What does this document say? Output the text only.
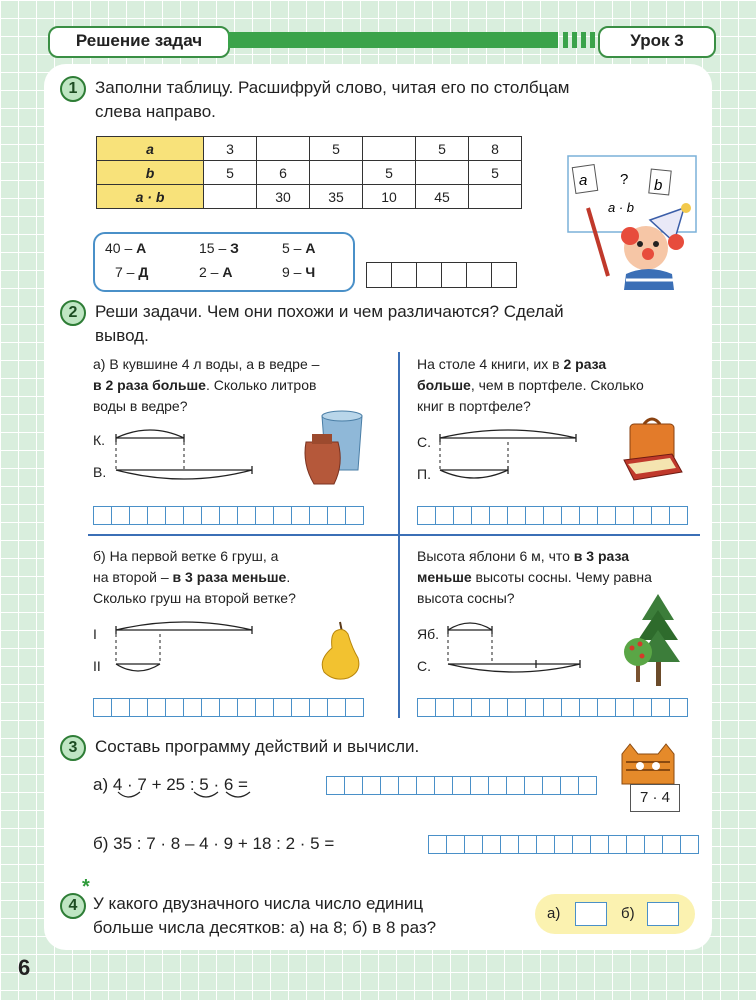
Решение задач	Урок 3
1	Заполни таблицу. Расшифруй слово, читая его по столбцам
слева направо.
a	3		5		5	8
b	5	6		5		5
a · b		30	35	10	45	
40 – А	15 – З	5 – А
7 – Д	2 – А	9 – Ч
a ? b
a · b
2	Реши задачи. Чем они похожи и чем различаются? Сделай
вывод.
а) В кувшине 4 л воды, а в ведре –
в 2 раза больше. Сколько литров
воды в ведре?
К.
В.
На столе 4 книги, их в 2 раза
больше, чем в портфеле. Сколько
книг в портфеле?
С.
П.
б) На первой ветке 6 груш, а
на второй – в 3 раза меньше.
Сколько груш на второй ветке?
I
II
Высота яблони 6 м, что в 3 раза
меньше высоты сосны. Чему равна
высота сосны?
Яб.
С.
3	Составь программу действий и вычисли.
а) 4 · 7 + 25 : 5 · 6 =
7 · 4
б) 35 : 7 · 8 – 4 · 9 + 18 : 2 · 5 =
4
*
У какого двузначного числа число единиц
больше числа десятков: а) на 8; б) в 8 раз?
а)	б)
6
